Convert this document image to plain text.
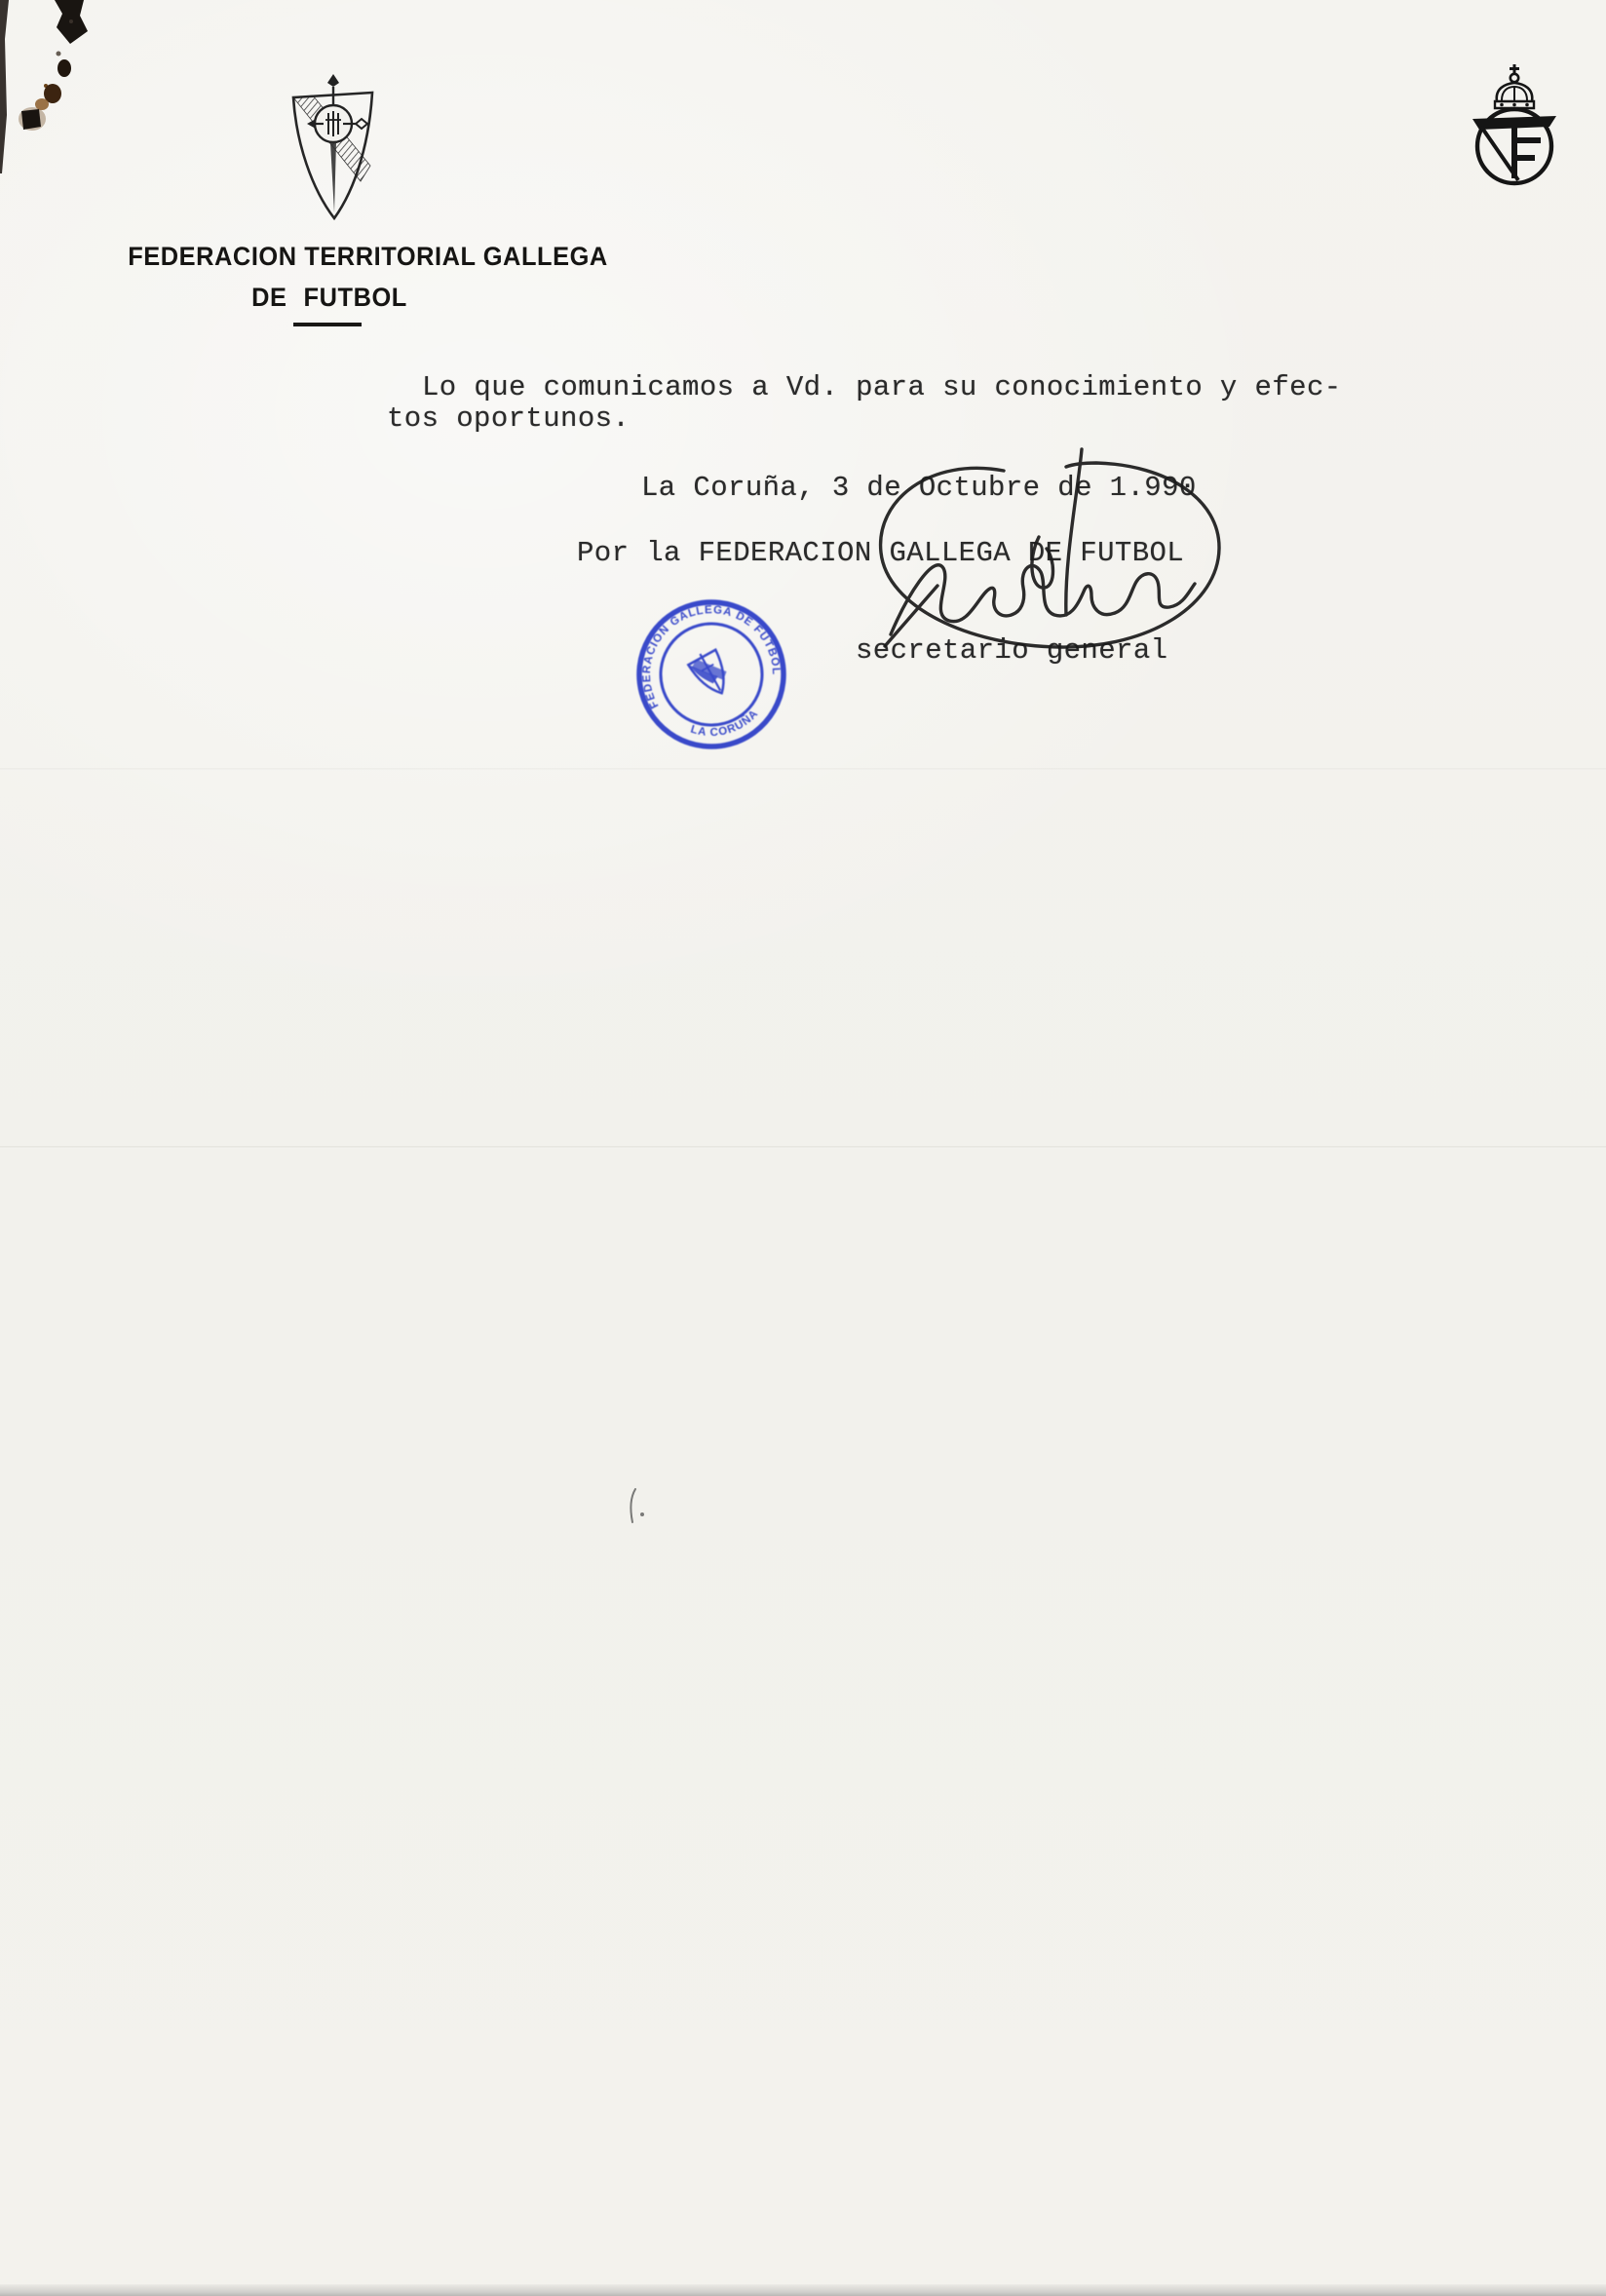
FEDERACION TERRITORIAL GALLEGA
DE FUTBOL
Lo que comunicamos a Vd. para su conocimiento y efec-
tos oportunos.
La Coruña, 3 de Octubre de 1.990
Por la FEDERACION GALLEGA DE FUTBOL
secretario general
FEDERACION GALLEGA DE FUTBOL
LA CORUÑA
